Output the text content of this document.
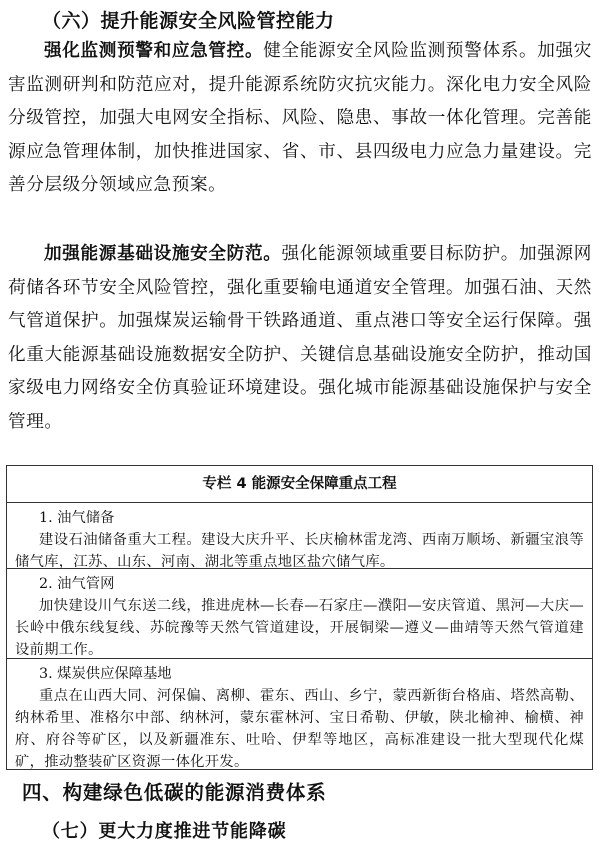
（六）提升能源安全风险管控能力
强化监测预警和应急管控。健全能源安全风险监测预警体系。加强灾害监测研判和防范应对，提升能源系统防灾抗灾能力。深化电力安全风险分级管控，加强大电网安全指标、风险、隐患、事故一体化管理。完善能源应急管理体制，加快推进国家、省、市、县四级电力应急力量建设。完善分层级分领域应急预案。
加强能源基础设施安全防范。强化能源领域重要目标防护。加强源网荷储各环节安全风险管控，强化重要输电通道安全管理。加强石油、天然气管道保护。加强煤炭运输骨干铁路通道、重点港口等安全运行保障。强化重大能源基础设施数据安全防护、关键信息基础设施安全防护，推动国家级电力网络安全仿真验证环境建设。强化城市能源基础设施保护与安全管理。
专栏 4 能源安全保障重点工程
1. 油气储备
建设石油储备重大工程。建设大庆升平、长庆榆林雷龙湾、西南万顺场、新疆宝浪等储气库，江苏、山东、河南、湖北等重点地区盐穴储气库。
2. 油气管网
加快建设川气东送二线，推进虎林—长春—石家庄—濮阳—安庆管道、黑河—大庆—长岭中俄东线复线、苏皖豫等天然气管道建设，开展铜梁—遵义—曲靖等天然气管道建设前期工作。
3. 煤炭供应保障基地
重点在山西大同、河保偏、离柳、霍东、西山、乡宁，蒙西新街台格庙、塔然高勒、纳林希里、准格尔中部、纳林河，蒙东霍林河、宝日希勒、伊敏，陕北榆神、榆横、神府、府谷等矿区，以及新疆准东、吐哈、伊犁等地区，高标准建设一批大型现代化煤矿，推动整装矿区资源一体化开发。
四、构建绿色低碳的能源消费体系
（七）更大力度推进节能降碳
